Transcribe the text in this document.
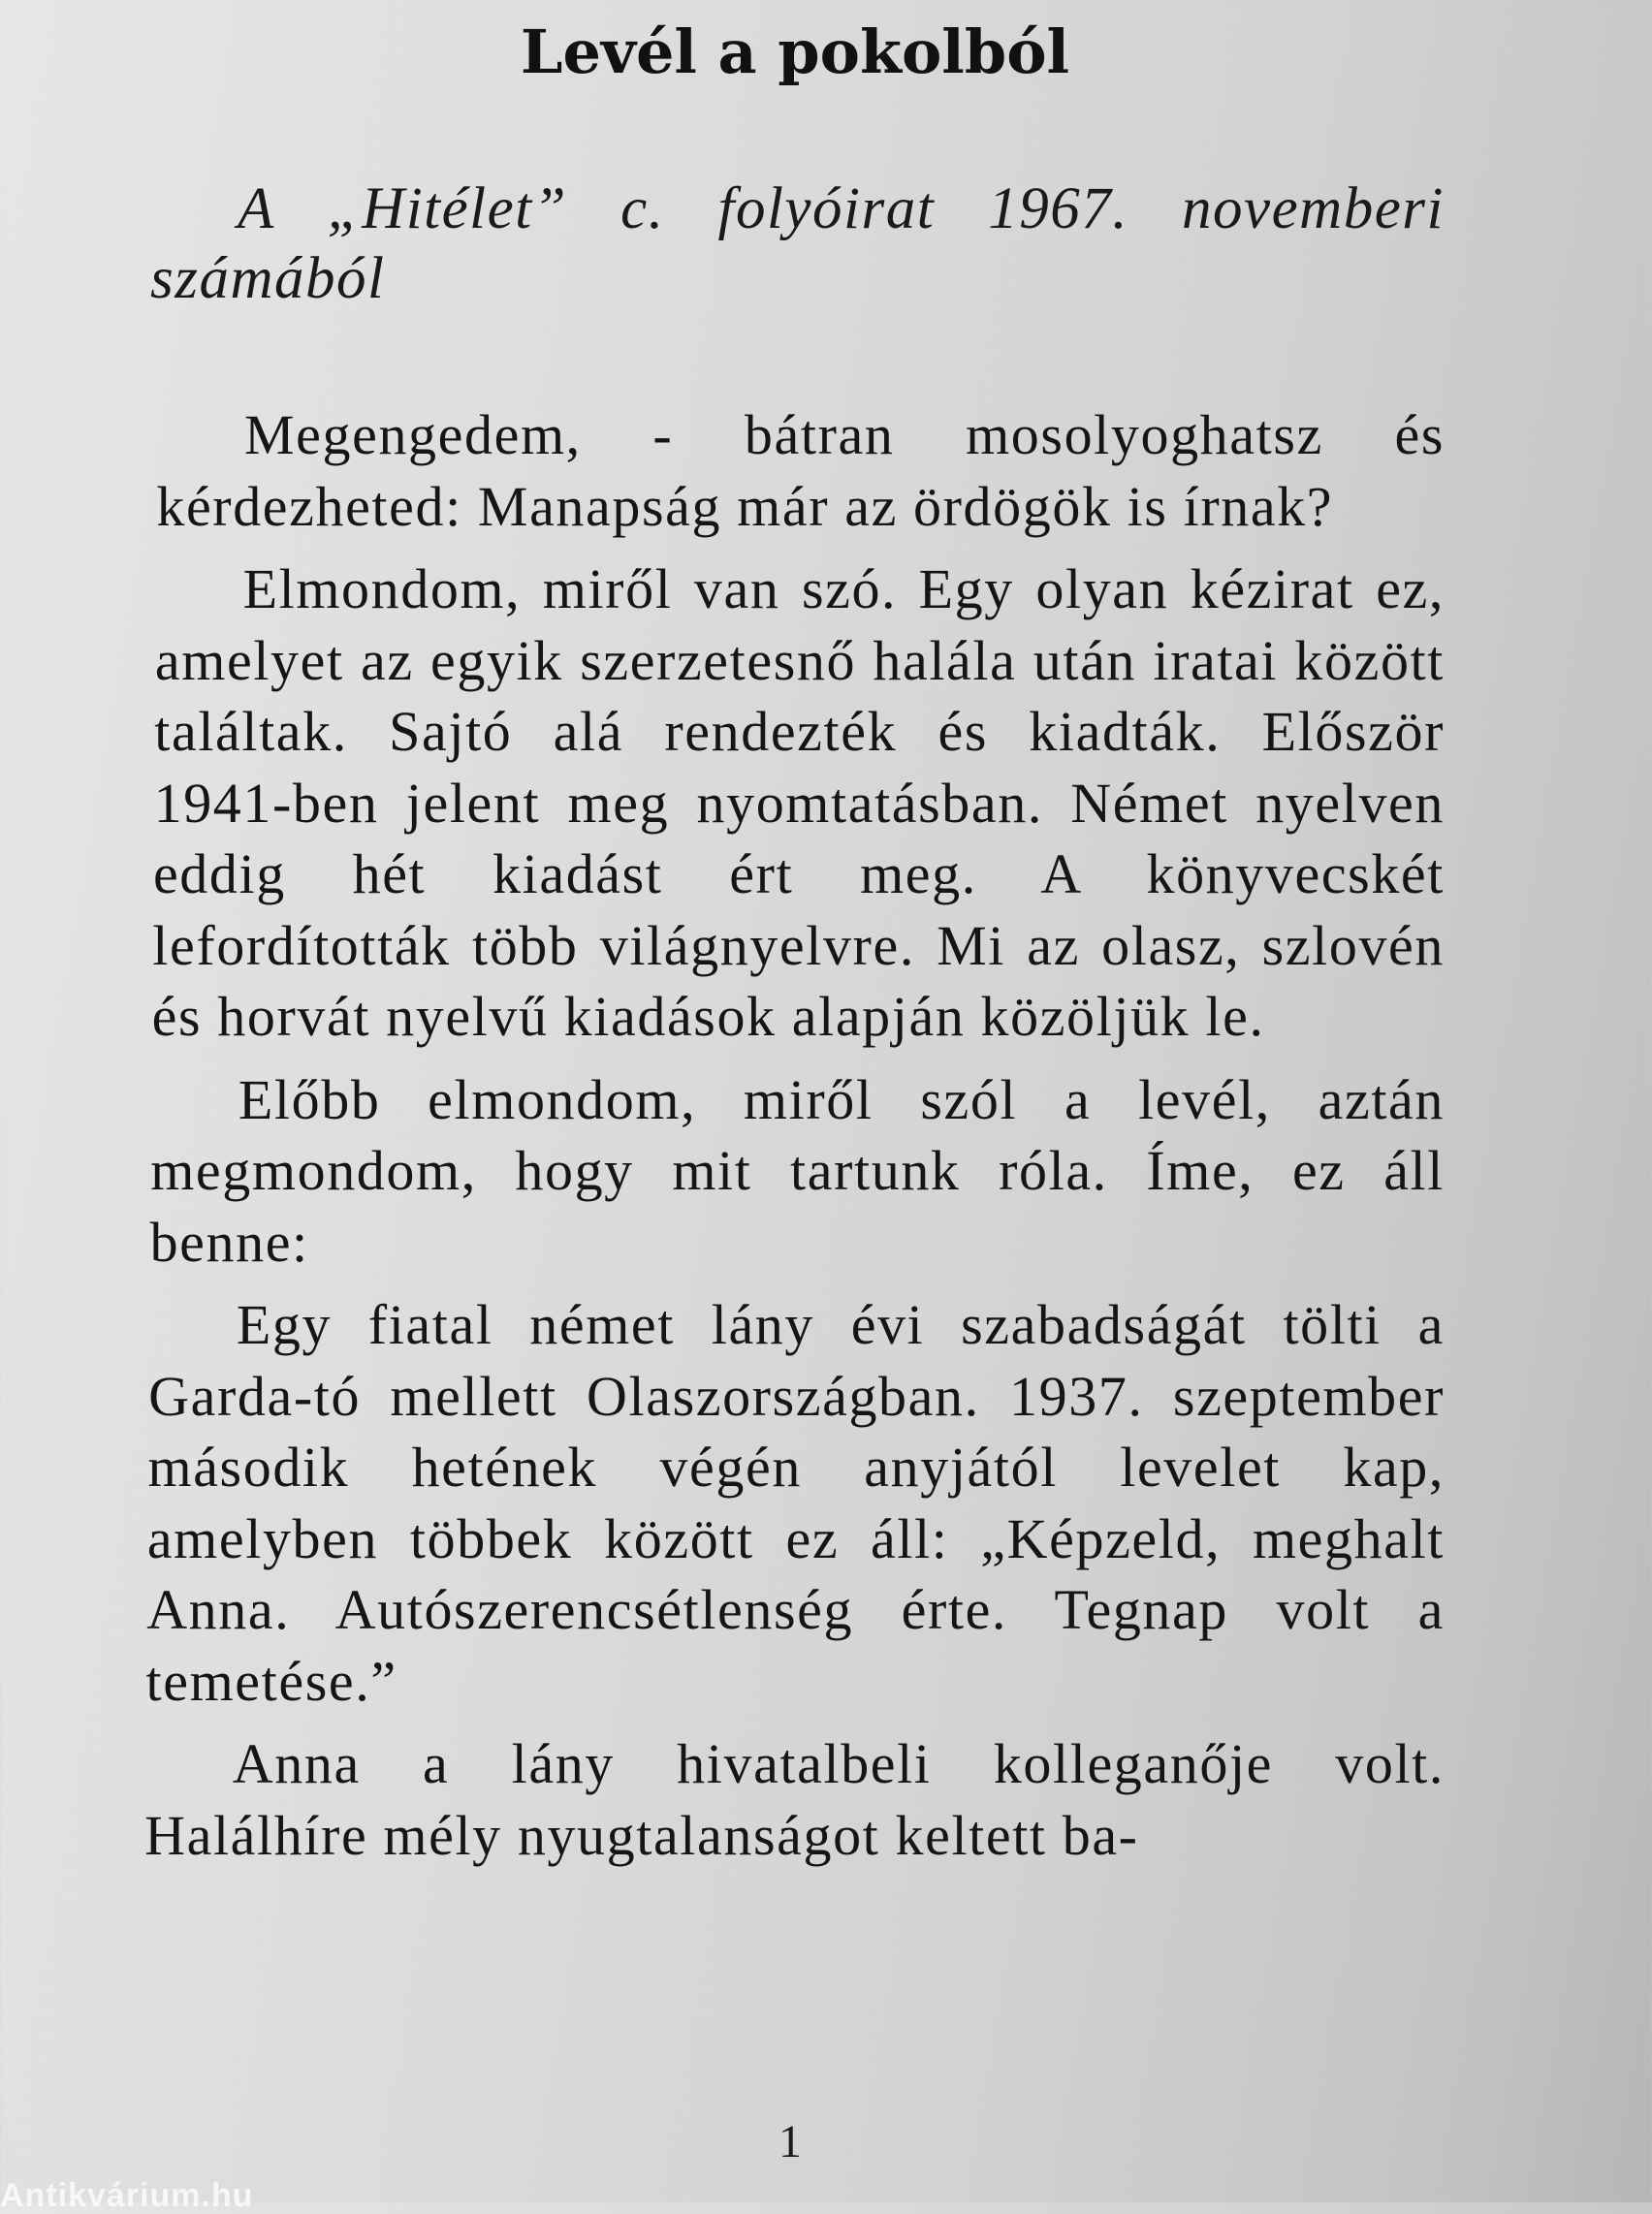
Levél a pokolból

A „Hitélet” c. folyóirat 1967. novemberi számából

Megengedem, - bátran mosolyoghatsz és kérdezheted: Manapság már az ördögök is írnak?

Elmondom, miről van szó. Egy olyan kézirat ez, amelyet az egyik szerzetesnő halála után iratai között találtak. Sajtó alá rendezték és kiadták. Először 1941-ben jelent meg nyomtatásban. Német nyelven eddig hét kiadást ért meg. A könyvecskét lefordították több világnyelvre. Mi az olasz, szlovén és horvát nyelvű kiadások alapján közöljük le.

Előbb elmondom, miről szól a levél, aztán megmondom, hogy mit tartunk róla. Íme, ez áll benne:

Egy fiatal német lány évi szabadságát tölti a Garda-tó mellett Olaszországban. 1937. szeptember második hetének végén anyjától levelet kap, amelyben többek között ez áll: „Képzeld, meghalt Anna. Autószerencsétlenség érte. Tegnap volt a temetése.”

Anna a lány hivatalbeli kolleganője volt. Halálhíre mély nyugtalanságot keltett ba-

1
Antikvárium.hu
